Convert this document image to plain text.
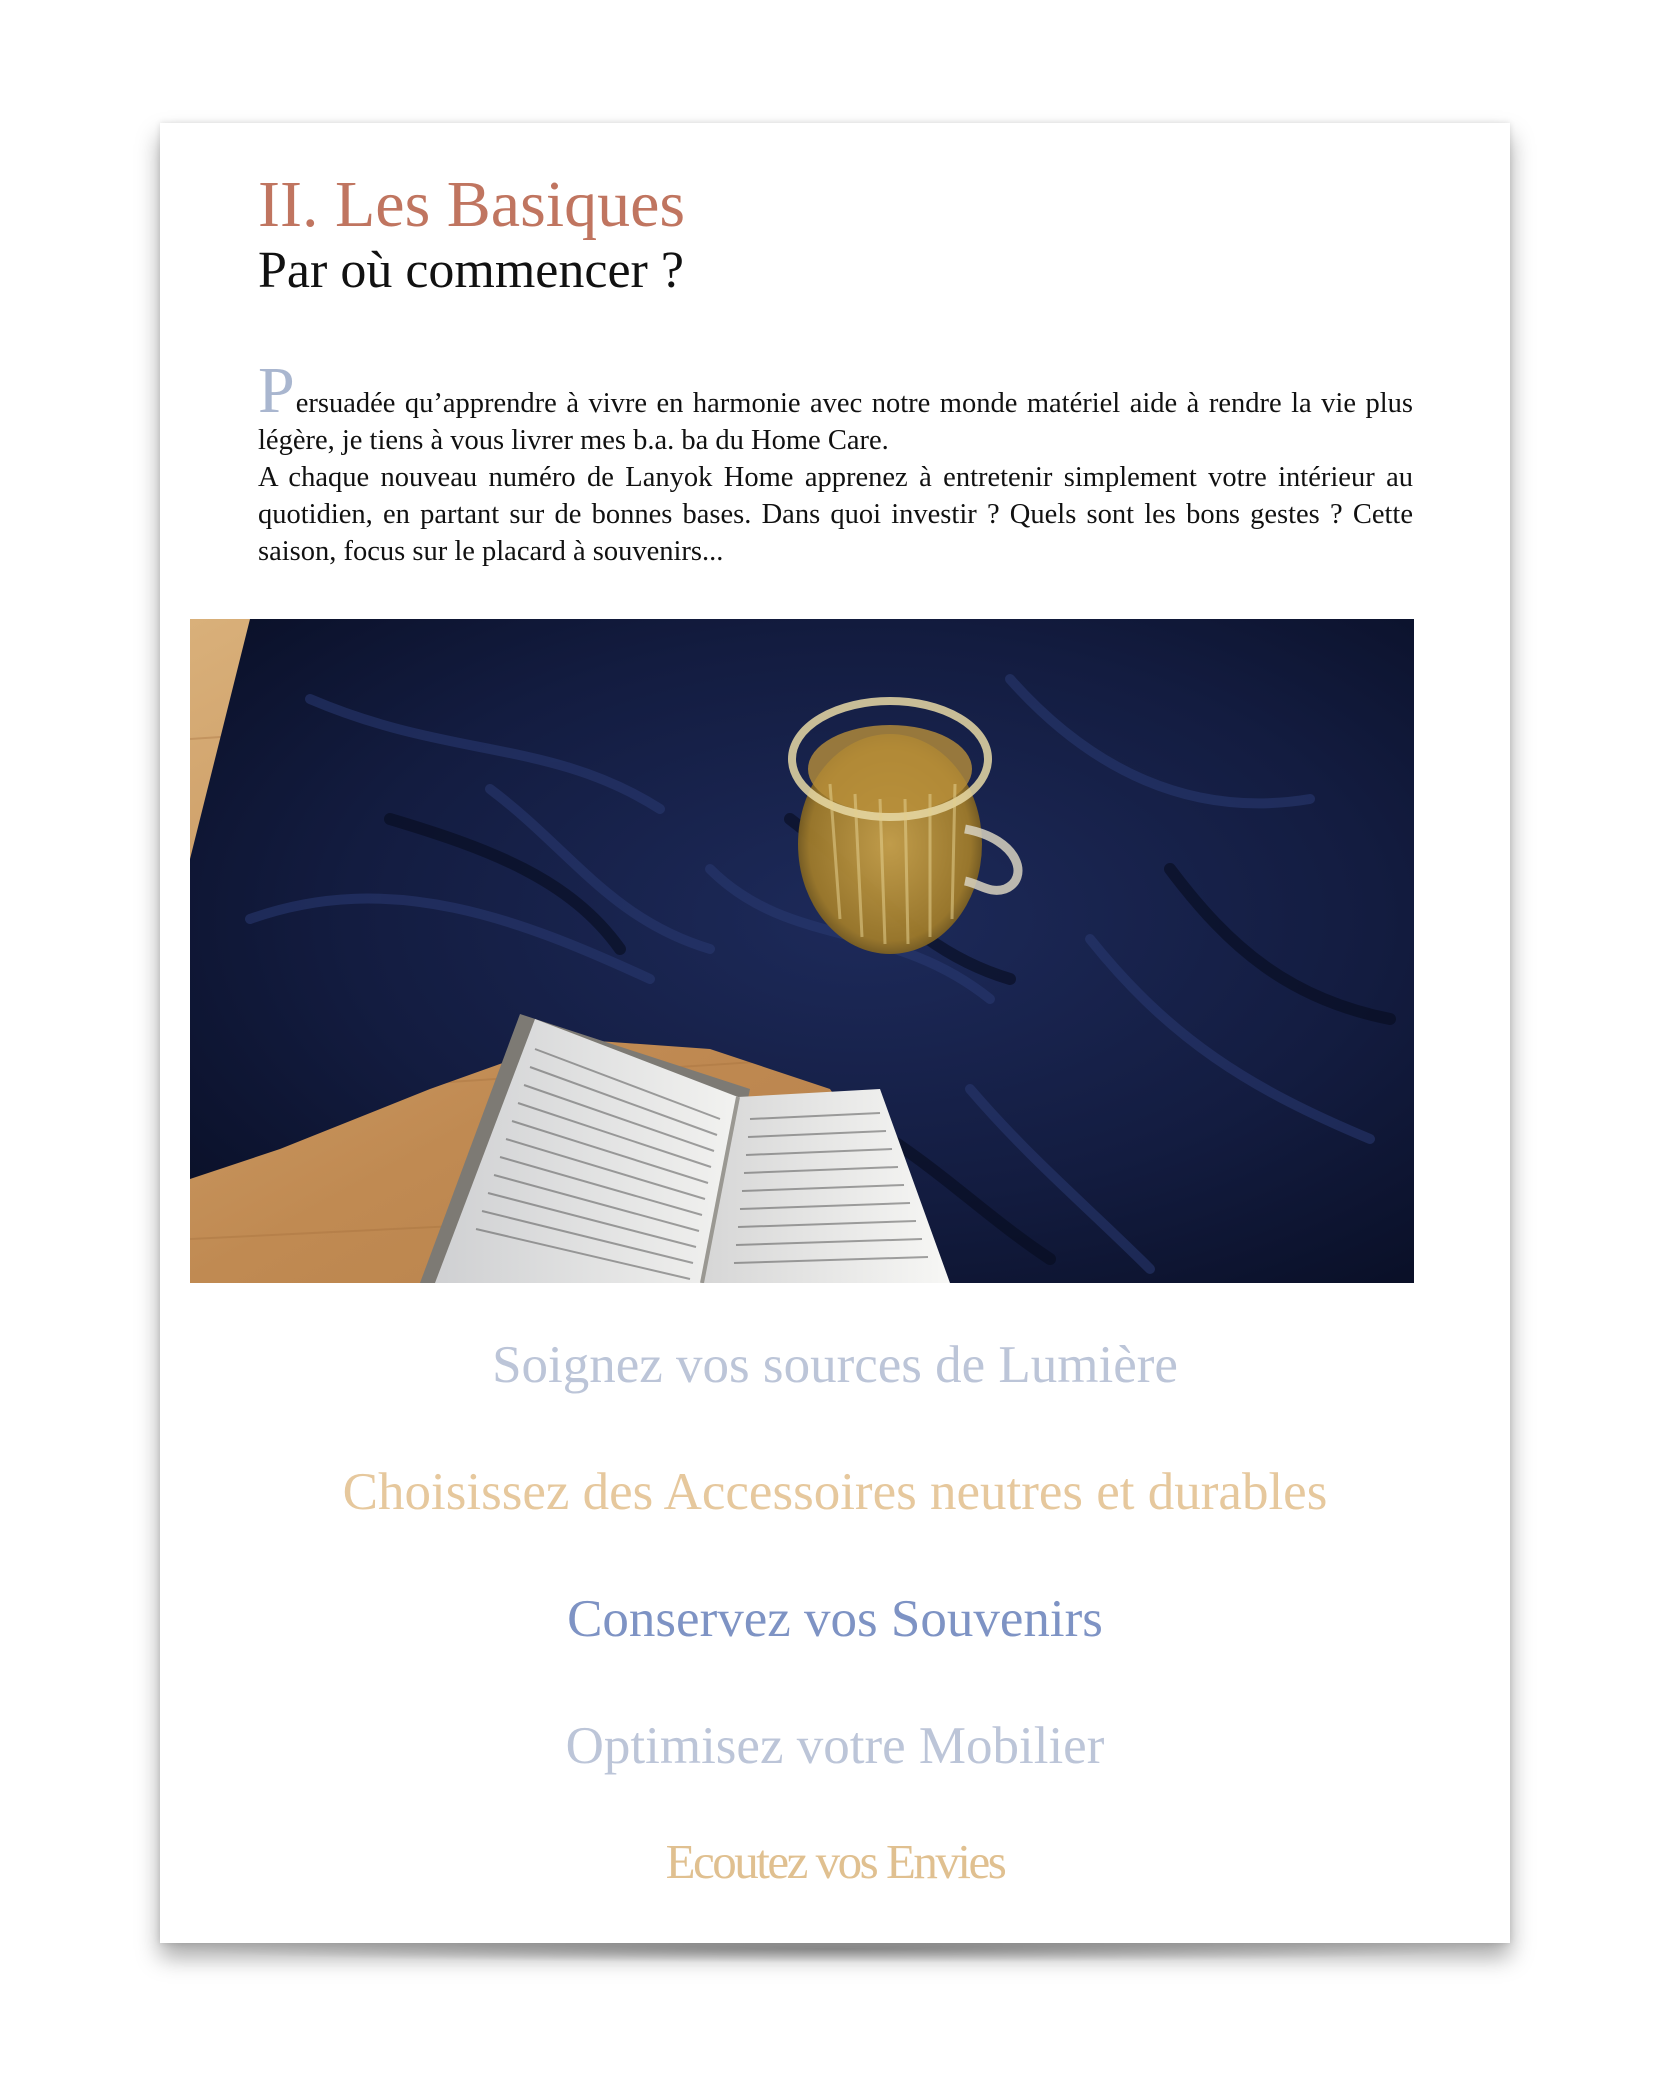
II. Les Basiques
Par où commencer ?

Persuadée qu’apprendre à vivre en harmonie avec notre monde matériel aide à rendre la vie plus légère, je tiens à vous livrer mes b.a. ba du Home Care.
A chaque nouveau numéro de Lanyok Home apprenez à entretenir simplement votre intérieur au quotidien, en partant sur de bonnes bases. Dans quoi investir ? Quels sont les bons gestes ? Cette saison, focus sur le placard à souvenirs...

Soignez vos sources de Lumière
Choisissez des Accessoires neutres et durables
Conservez vos Souvenirs
Optimisez votre Mobilier
Ecoutez vos Envies
